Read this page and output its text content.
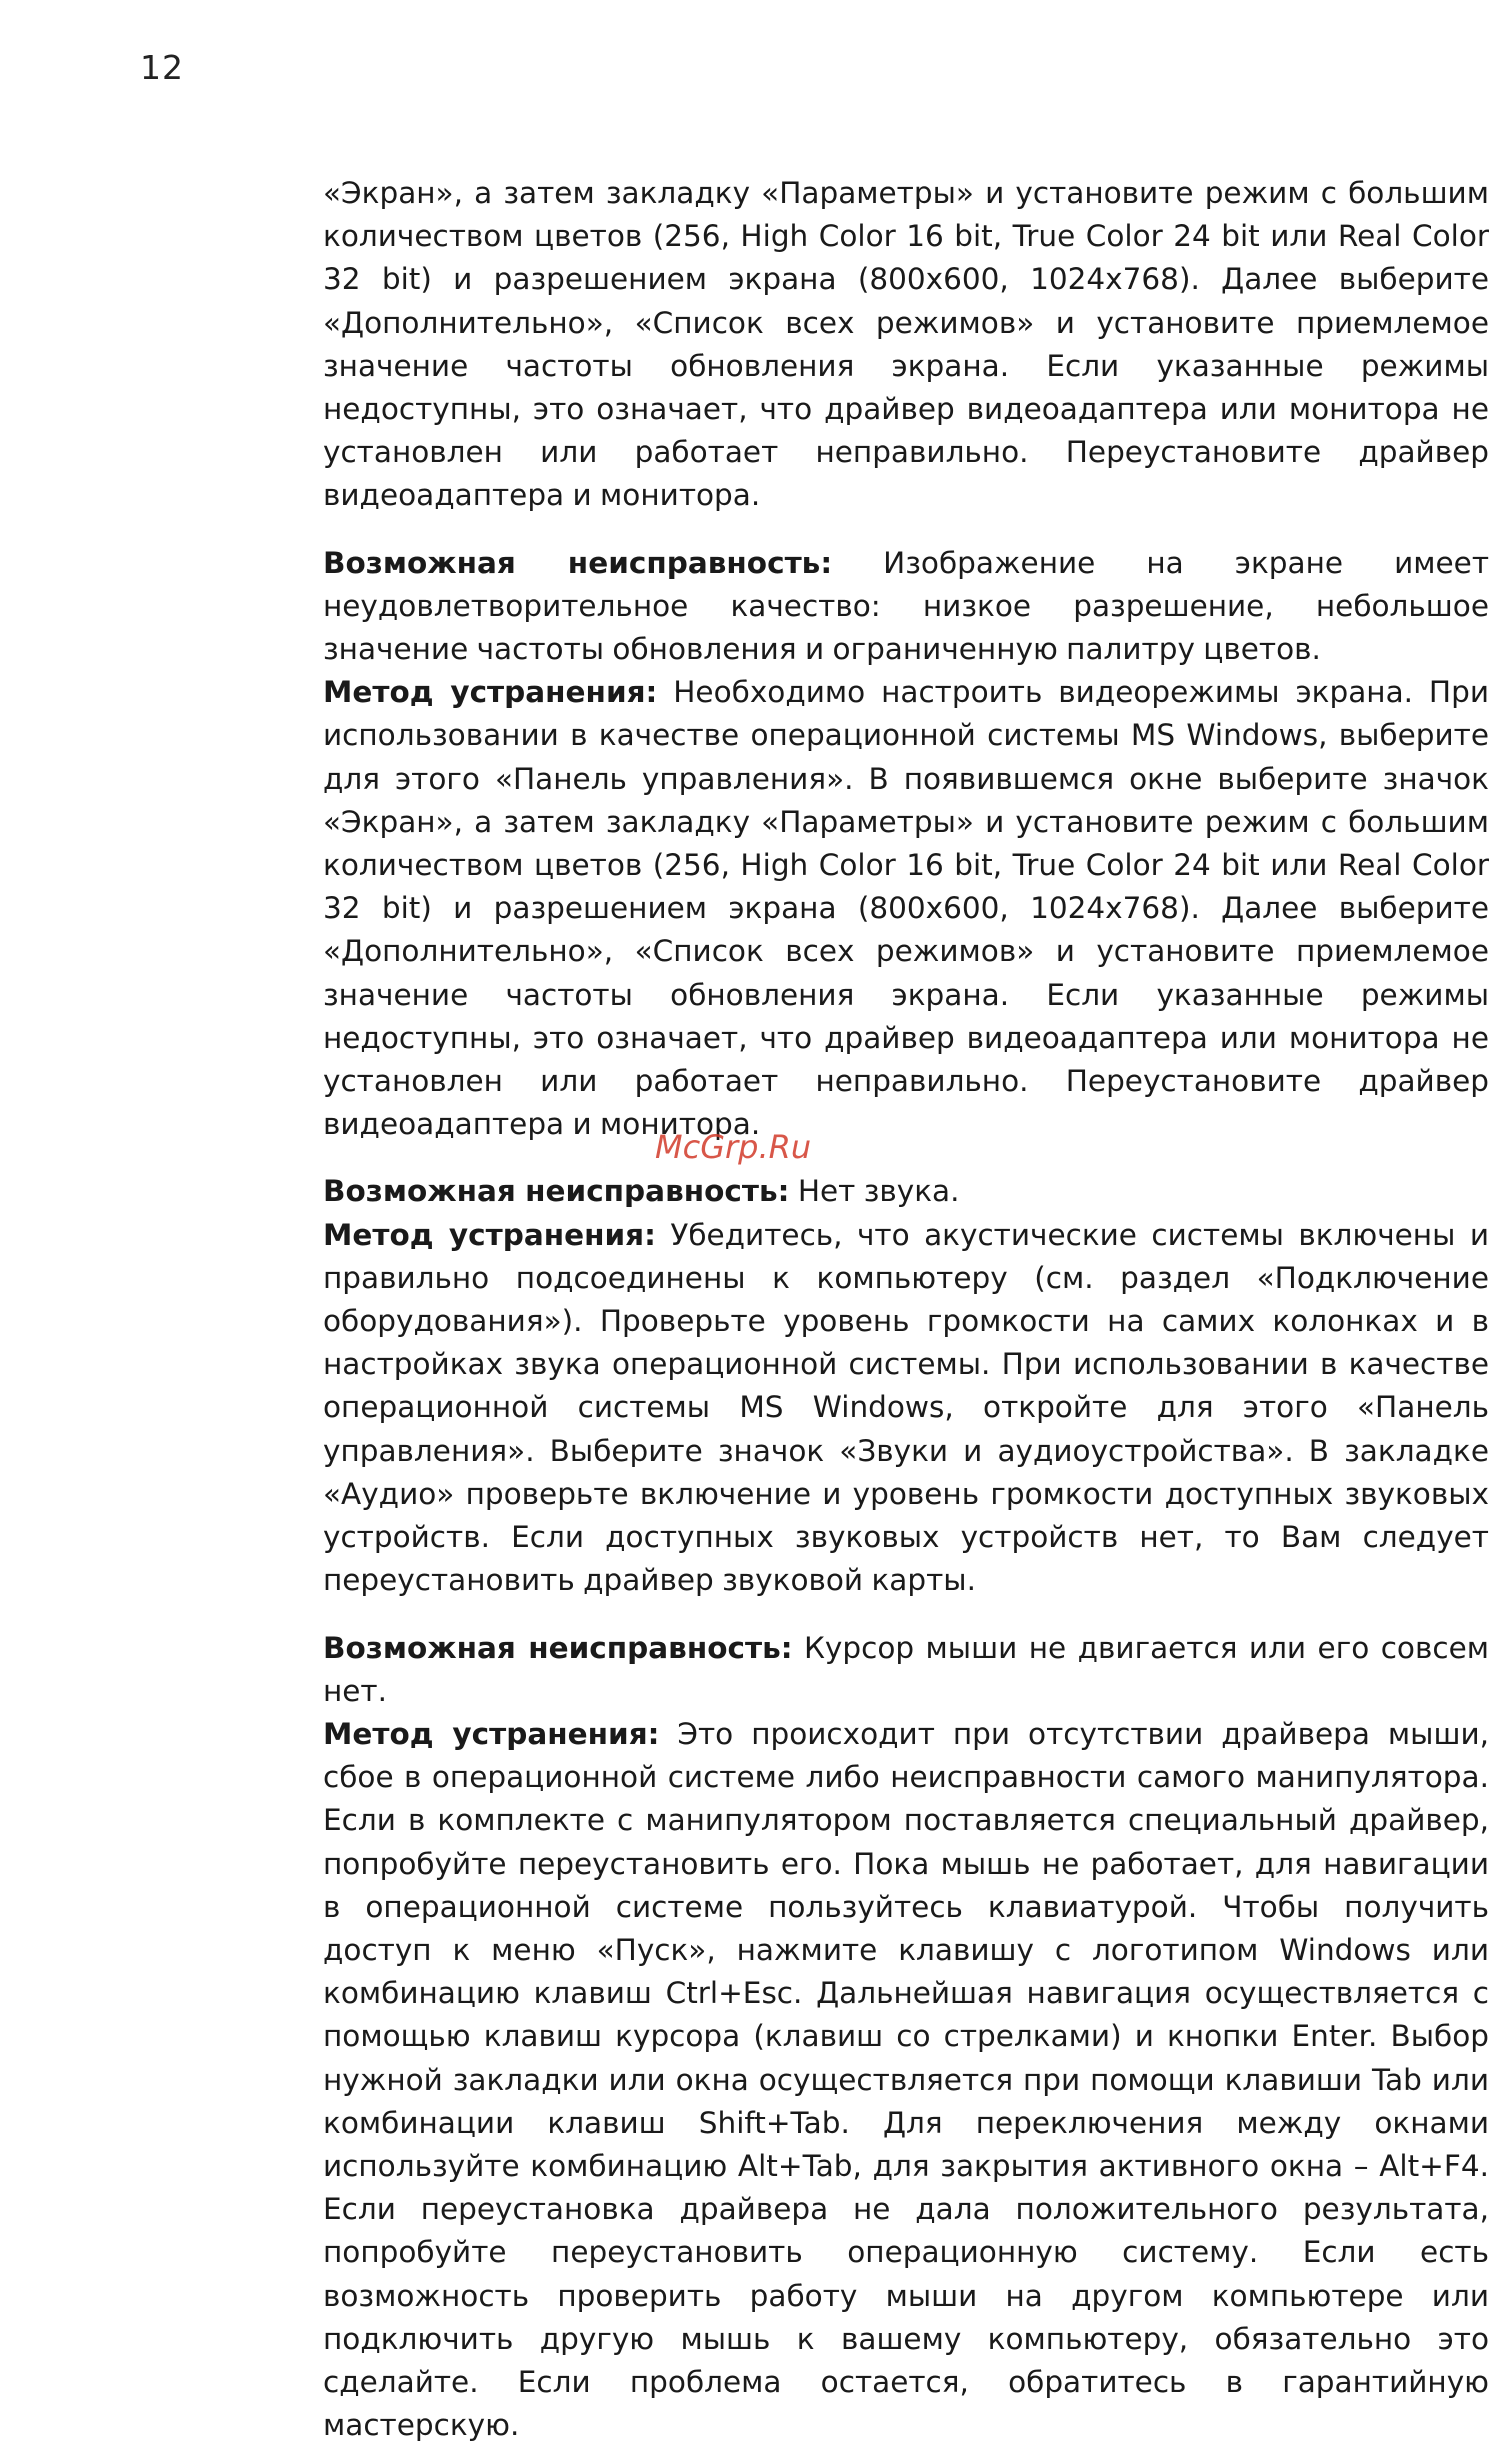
12

«Экран», а затем закладку «Параметры» и установите режим с большим количеством цветов (256, High Color 16 bit, True Color 24 bit или Real Color 32 bit) и разрешением экрана (800х600, 1024х768). Далее выберите «Дополнительно», «Список всех режимов» и установите приемлемое значение частоты обновления экрана. Если указанные режимы недоступны, это означает, что драйвер видеоадаптера или монитора не установлен или работает неправильно. Переустановите драйвер видеоадаптера и монитора.

Возможная неисправность: Изображение на экране имеет неудовлетворительное качество: низкое разрешение, небольшое значение частоты обновления и ограниченную палитру цветов.
Метод устранения: Необходимо настроить видеорежимы экрана. При использовании в качестве операционной системы MS Windows, выберите для этого «Панель управления». В появившемся окне выберите значок «Экран», а затем закладку «Параметры» и установите режим с большим количеством цветов (256, High Color 16 bit, True Color 24 bit или Real Color 32 bit) и разрешением экрана (800х600, 1024х768). Далее выберите «Дополнительно», «Список всех режимов» и установите приемлемое значение частоты обновления экрана. Если указанные режимы недоступны, это означает, что драйвер видеоадаптера или монитора не установлен или работает неправильно. Переустановите драйвер видеоадаптера и монитора.

Возможная неисправность: Нет звука.
Метод устранения: Убедитесь, что акустические системы включены и правильно подсоединены к компьютеру (см. раздел «Подключение оборудования»). Проверьте уровень громкости на самих колонках и в настройках звука операционной системы. При использовании в качестве операционной системы MS Windows, откройте для этого «Панель управления». Выберите значок «Звуки и аудиоустройства». В закладке «Аудио» проверьте включение и уровень громкости доступных звуковых устройств. Если доступных звуковых устройств нет, то Вам следует переустановить драйвер звуковой карты.

Возможная неисправность: Курсор мыши не двигается или его совсем нет.
Метод устранения: Это происходит при отсутствии драйвера мыши, сбое в операционной системе либо неисправности самого манипулятора. Если в комплекте с манипулятором поставляется специальный драйвер, попробуйте переустановить его. Пока мышь не работает, для навигации в операционной системе пользуйтесь клавиатурой. Чтобы получить доступ к меню «Пуск», нажмите клавишу с логотипом Windows или комбинацию клавиш Ctrl+Esc. Дальнейшая навигация осуществляется с помощью клавиш курсора (клавиш со стрелками) и кнопки Enter. Выбор нужной закладки или окна осуществляется при помощи клавиши Tab или комбинации клавиш Shift+Tab. Для переключения между окнами используйте комбинацию Alt+Tab, для закрытия активного окна – Alt+F4. Если переустановка драйвера не дала положительного результата, попробуйте переустановить операционную систему. Если есть возможность проверить работу мыши на другом компьютере или подключить другую мышь к вашему компьютеру, обязательно это сделайте. Если проблема остается, обратитесь в гарантийную мастерскую.

McGrp.Ru
